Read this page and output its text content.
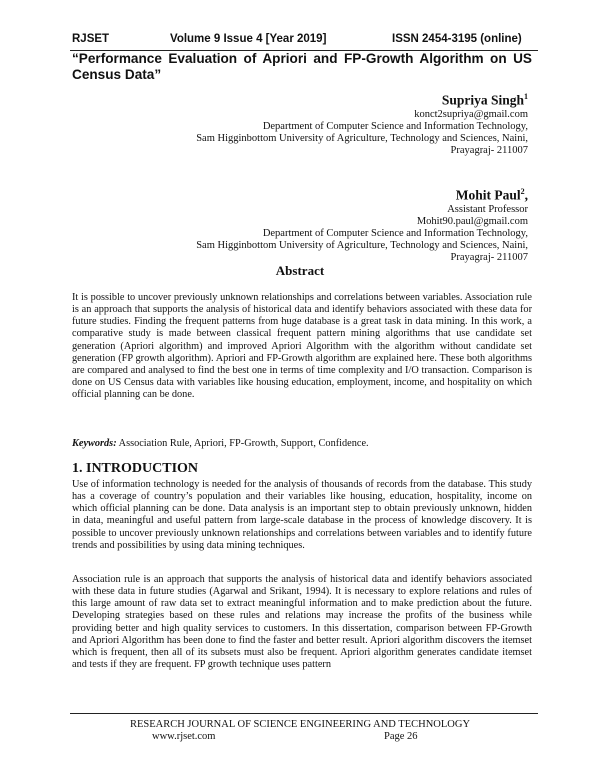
RJSET	Volume 9 Issue 4 [Year 2019]	ISSN 2454-3195 (online)

“Performance Evaluation of Apriori and FP-Growth Algorithm on US Census Data”

Supriya Singh$^1$
konct2supriya@gmail.com
Department of Computer Science and Information Technology,
Sam Higginbottom University of Agriculture, Technology and Sciences, Naini,
Prayagraj- 211007
Mohit Paul$^2$,
Assistant Professor
Mohit90.paul@gmail.com
Department of Computer Science and Information Technology,
Sam Higginbottom University of Agriculture, Technology and Sciences, Naini,
Prayagraj- 211007
Abstract

It is possible to uncover previously unknown relationships and correlations between variables. Association rule is an approach that supports the analysis of historical data and identify behaviors associated with these data for future studies. Finding the frequent patterns from huge database is a great task in data mining. In this work, a comparative study is made between classical frequent pattern mining algorithms that use candidate set generation (Apriori algorithm) and improved Apriori Algorithm with the algorithm without candidate set generation (FP growth algorithm). Apriori and FP-Growth algorithm are explained here. These both algorithms are compared and analysed to find the best one in terms of time complexity and I/O transaction. Comparison is done on US Census data with variables like housing education, employment, income, and hospitality on which official planning can be done.

Keywords: Association Rule, Apriori, FP-Growth, Support, Confidence.
1. INTRODUCTION

Use of information technology is needed for the analysis of thousands of records from the database. This study has a coverage of country’s population and their variables like housing, education, hospitality, income on which official planning can be done. Data analysis is an important step to obtain previously unknown, hidden in data, meaningful and useful pattern from large-scale database in the process of knowledge discovery. It is possible to uncover previously unknown relationships and correlations between variables and to identify future trends and possibilities by using data mining techniques.

Association rule is an approach that supports the analysis of historical data and identify behaviors associated with these data in future studies (Agarwal and Srikant, 1994). It is necessary to explore relations and rules of this large amount of raw data set to extract meaningful information and to make prediction about the future. Developing strategies based on these rules and relations may increase the profits of the business while providing better and high quality services to customers. In this dissertation, comparison between FP-Growth and Apriori Algorithm has been done to find the faster and better result. Apriori algorithm discovers the itemset which is frequent, then all of its subsets must also be frequent. Apriori algorithm generates candidate itemset and tests if they are frequent. FP growth technique uses pattern

RESEARCH JOURNAL OF SCIENCE ENGINEERING AND TECHNOLOGY
www.rjset.com	Page 26
